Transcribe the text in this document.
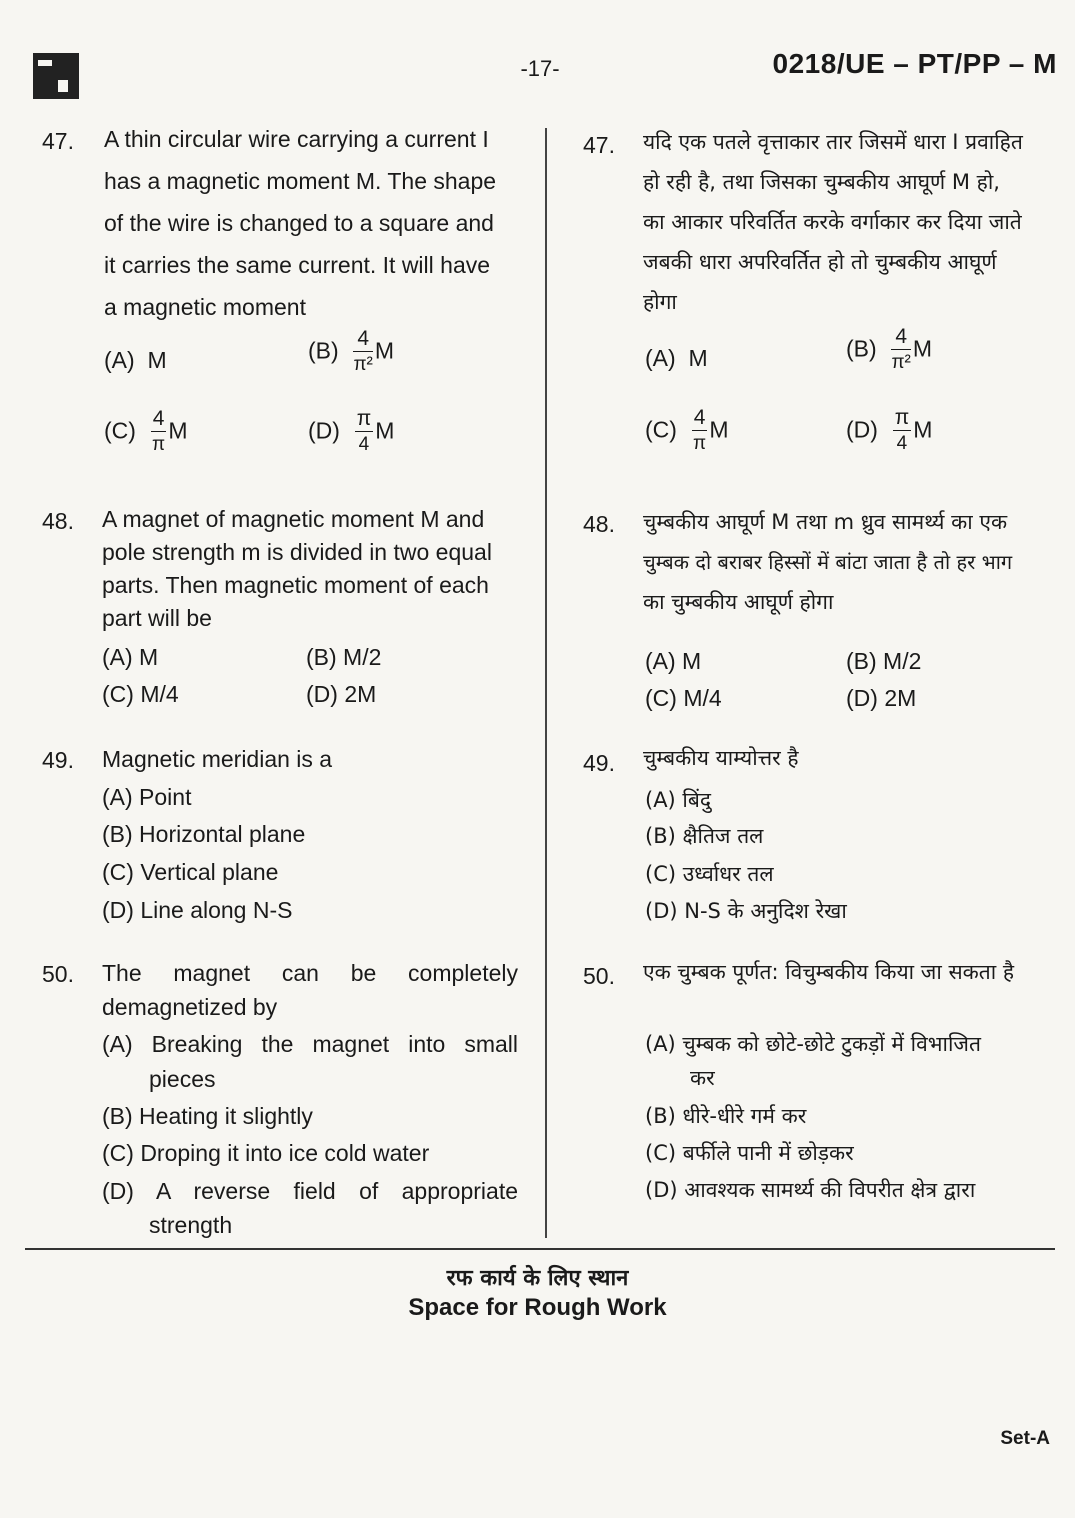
-17-	0218/UE – PT/PP – M
47. A thin circular wire carrying a current I
has a magnetic moment M. The shape
of the wire is changed to a square and
it carries the same current. It will have
a magnetic moment
(A) M	$(B) \frac{4}{\text{π²}}$ M
$(C) \frac{4}{\pi}$ M	$(D) \frac{\pi}{4}$ M
48. A magnet of magnetic moment M and
pole strength m is divided in two equal
parts. Then magnetic moment of each
part will be
(A) M	(B) M/2
(C) M/4	(D) 2M
49. Magnetic meridian is a
(A) Point
(B) Horizontal plane
(C) Vertical plane
(D) Line along N-S
50. The magnet can be completely
demagnetized by
(A) Breaking the magnet into small
pieces
(B) Heating it slightly
(C) Droping it into ice cold water
(D) A reverse field of appropriate
strength
47. यदि एक पतले वृत्ताकार तार जिसमें धारा I प्रवाहित
हो रही है, तथा जिसका चुम्बकीय आघूर्ण M हो,
का आकार परिवर्तित करके वर्गाकार कर दिया जाते
जबकी धारा अपरिवर्तित हो तो चुम्बकीय आघूर्ण
होगा
(A) M	$(B) \frac{4}{\text{π²}}$ M
$(C) \frac{4}{\pi}$ M	$(D) \frac{\pi}{4}$ M
48. चुम्बकीय आघूर्ण M तथा m ध्रुव सामर्थ्य का एक
चुम्बक दो बराबर हिस्सों में बांटा जाता है तो हर भाग
का चुम्बकीय आघूर्ण होगा
(A) M	(B) M/2
(C) M/4	(D) 2M
49. चुम्बकीय याम्योत्तर है
(A) बिंदु
(B) क्षैतिज तल
(C) उर्ध्वाधर तल
(D) N-S के अनुदिश रेखा
50. एक चुम्बक पूर्णत: विचुम्बकीय किया जा सकता है
(A) चुम्बक को छोटे-छोटे टुकड़ों में विभाजित
कर
(B) धीरे-धीरे गर्म कर
(C) बर्फीले पानी में छोड़कर
(D) आवश्यक सामर्थ्य की विपरीत क्षेत्र द्वारा
रफ कार्य के लिए स्थान
Space for Rough Work
Set-A
